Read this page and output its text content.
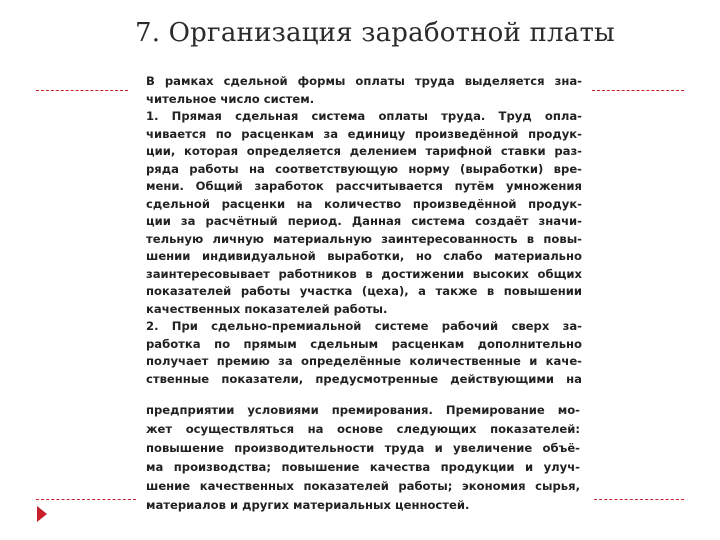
7. Организация заработной платы
В рамках сдельной формы оплаты труда выделяется зна-
чительное число систем.
1. Прямая сдельная система оплаты труда. Труд опла-
чивается по расценкам за единицу произведённой продук-
ции, которая определяется делением тарифной ставки раз-
ряда работы на соответствующую норму (выработки) вре-
мени. Общий заработок рассчитывается путём умножения
сдельной расценки на количество произведённой продук-
ции за расчётный период. Данная система создаёт значи-
тельную личную материальную заинтересованность в повы-
шении индивидуальной выработки, но слабо материально
заинтересовывает работников в достижении высоких общих
показателей работы участка (цеха), а также в повышении
качественных показателей работы.
2. При сдельно-премиальной системе рабочий сверх за-
работка по прямым сдельным расценкам дополнительно
получает премию за определённые количественные и каче-
ственные показатели, предусмотренные действующими на
предприятии условиями премирования. Премирование мо-
жет осуществляться на основе следующих показателей:
повышение производительности труда и увеличение объё-
ма производства; повышение качества продукции и улуч-
шение качественных показателей работы; экономия сырья,
материалов и других материальных ценностей.
